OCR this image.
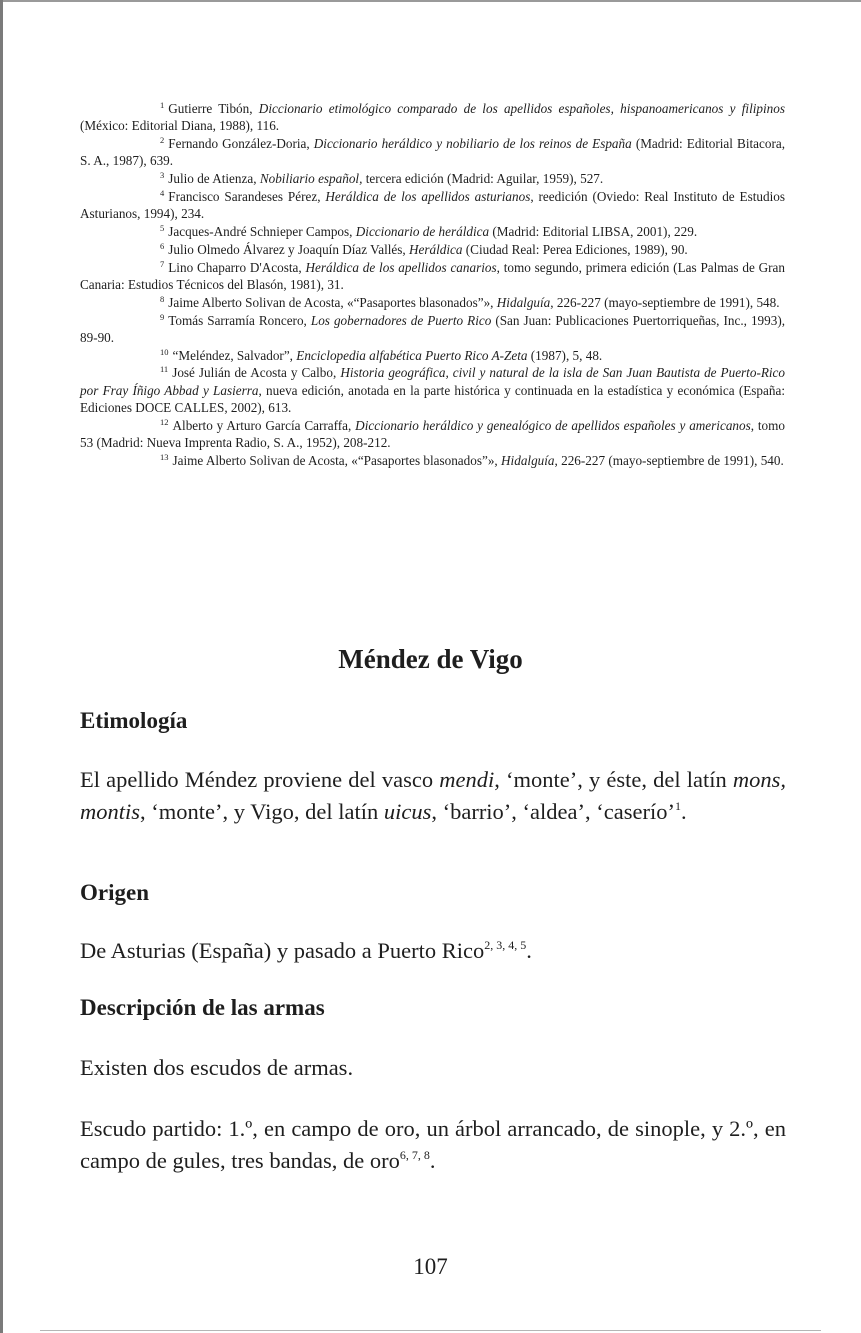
$^1$ Gutierre Tibón, Diccionario etimológico comparado de los apellidos españoles, hispanoamericanos y filipinos (México: Editorial Diana, 1988), 116.

$^2$ Fernando González-Doria, Diccionario heráldico y nobiliario de los reinos de España (Madrid: Editorial Bitacora, S. A., 1987), 639.

$^3$ Julio de Atienza, Nobiliario español, tercera edición (Madrid: Aguilar, 1959), 527.

$^4$ Francisco Sarandeses Pérez, Heráldica de los apellidos asturianos, reedición (Oviedo: Real Instituto de Estudios Asturianos, 1994), 234.

$^5$ Jacques-André Schnieper Campos, Diccionario de heráldica (Madrid: Editorial LIBSA, 2001), 229.

$^6$ Julio Olmedo Álvarez y Joaquín Díaz Vallés, Heráldica (Ciudad Real: Perea Ediciones, 1989), 90.

$^7$ Lino Chaparro D'Acosta, Heráldica de los apellidos canarios, tomo segundo, primera edición (Las Palmas de Gran Canaria: Estudios Técnicos del Blasón, 1981), 31.

$^8$ Jaime Alberto Solivan de Acosta, «“Pasaportes blasonados”», Hidalguía, 226-227 (mayo-septiembre de 1991), 548.

$^9$ Tomás Sarramía Roncero, Los gobernadores de Puerto Rico (San Juan: Publicaciones Puertorriqueñas, Inc., 1993), 89-90.

$^{10}$ “Meléndez, Salvador”, Enciclopedia alfabética Puerto Rico A-Zeta (1987), 5, 48.

$^{11}$ José Julián de Acosta y Calbo, Historia geográfica, civil y natural de la isla de San Juan Bautista de Puerto-Rico por Fray Íñigo Abbad y Lasierra, nueva edición, anotada en la parte histórica y continuada en la estadística y económica (España: Ediciones DOCE CALLES, 2002), 613.

$^{12}$ Alberto y Arturo García Carraffa, Diccionario heráldico y genealógico de apellidos españoles y americanos, tomo 53 (Madrid: Nueva Imprenta Radio, S. A., 1952), 208-212.

$^{13}$ Jaime Alberto Solivan de Acosta, «“Pasaportes blasonados”», Hidalguía, 226-227 (mayo-septiembre de 1991), 540.

Méndez de Vigo
Etimología

El apellido Méndez proviene del vasco mendi, ‘monte’, y éste, del latín mons, montis, ‘monte’, y Vigo, del latín uicus, ‘barrio’, ‘aldea’, ‘caserío’$^1$.

Origen

De Asturias (España) y pasado a Puerto Rico$^{2, 3, 4, 5}$.

Descripción de las armas

Existen dos escudos de armas.

Escudo partido: 1.º, en campo de oro, un árbol arrancado, de sinople, y 2.º, en campo de gules, tres bandas, de oro$^{6, 7, 8}$.

107
